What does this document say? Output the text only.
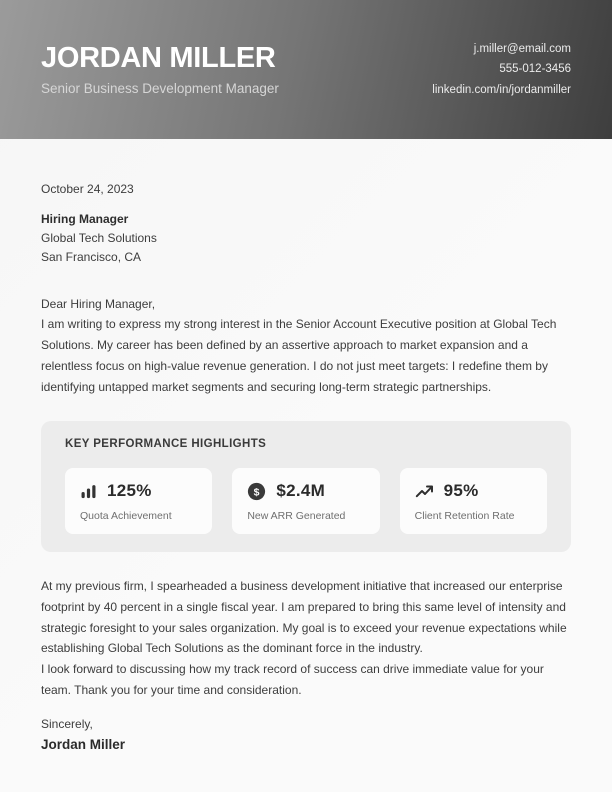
JORDAN MILLER
Senior Business Development Manager
j.miller@email.com
555-012-3456
linkedin.com/in/jordanmiller
October 24, 2023
Hiring Manager
Global Tech Solutions
San Francisco, CA
Dear Hiring Manager,
I am writing to express my strong interest in the Senior Account Executive position at Global Tech Solutions. My career has been defined by an assertive approach to market expansion and a relentless focus on high-value revenue generation. I do not just meet targets: I redefine them by identifying untapped market segments and securing long-term strategic partnerships.
KEY PERFORMANCE HIGHLIGHTS
125%
Quota Achievement
$ $2.4M
New ARR Generated
95%
Client Retention Rate
At my previous firm, I spearheaded a business development initiative that increased our enterprise footprint by 40 percent in a single fiscal year. I am prepared to bring this same level of intensity and strategic foresight to your sales organization. My goal is to exceed your revenue expectations while establishing Global Tech Solutions as the dominant force in the industry.
I look forward to discussing how my track record of success can drive immediate value for your team. Thank you for your time and consideration.
Sincerely,
Jordan Miller
